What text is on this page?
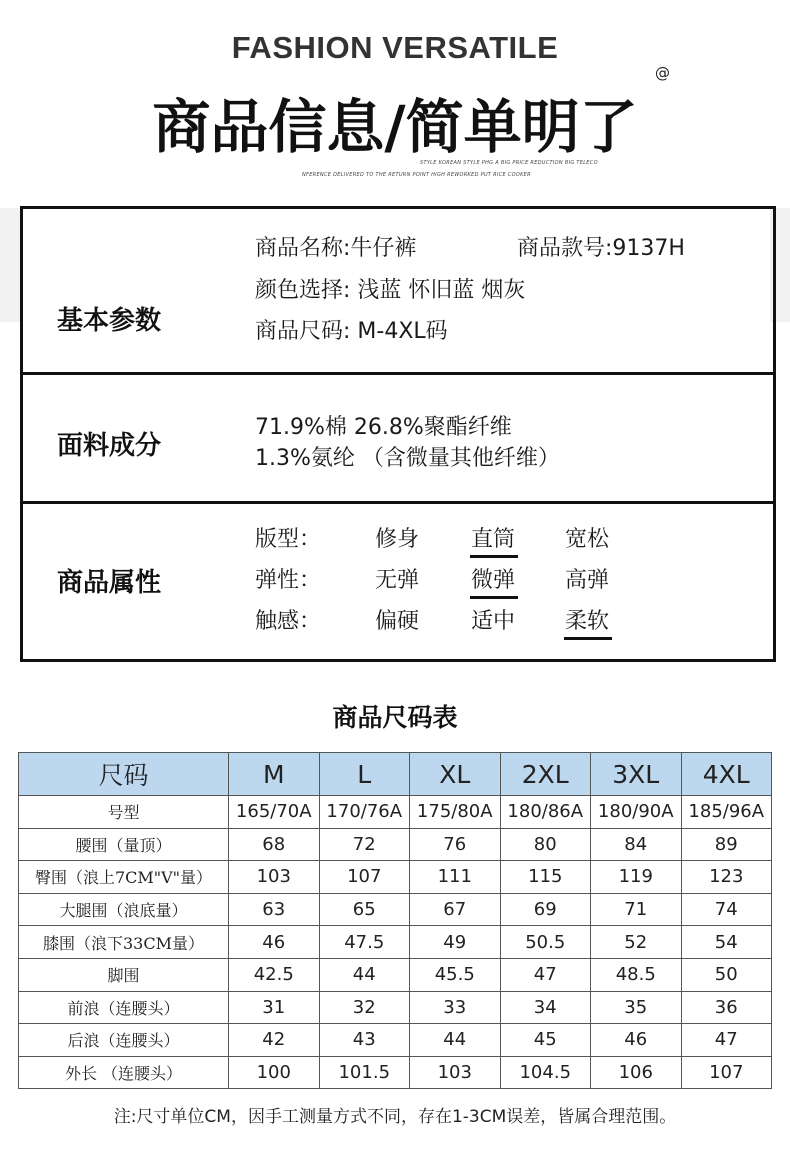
FASHION VERSATILE
商品信息/简单明了
@
STYLE KOREAN STYLE PHG A BIG PRICE REDUCTION BIG TELECO
NFERENCE DELIVERED TO THE RETURN POINT HIGH REWORKED PUT RICE COOKER
基本参数
商品名称:牛仔裤	商品款号:9137H
颜色选择: 浅蓝 怀旧蓝 烟灰
商品尺码: M-4XL码
面料成分
71.9%棉 26.8%聚酯纤维
1.3%氨纶 （含微量其他纤维）
商品属性
版型： 修身 直筒 宽松
弹性： 无弹 微弹 高弹
触感： 偏硬 适中 柔软
商品尺码表
尺码	M	L	XL	2XL	3XL	4XL
号型	165/70A	170/76A	175/80A	180/86A	180/90A	185/96A
腰围（量顶）	68	72	76	80	84	89
臀围（浪上7CM"V"量）	103	107	111	115	119	123
大腿围（浪底量）	63	65	67	69	71	74
膝围（浪下33CM量）	46	47.5	49	50.5	52	54
脚围	42.5	44	45.5	47	48.5	50
前浪（连腰头）	31	32	33	34	35	36
后浪（连腰头）	42	43	44	45	46	47
外长 （连腰头）	100	101.5	103	104.5	106	107
注:尺寸单位CM，因手工测量方式不同，存在1-3CM误差，皆属合理范围。
